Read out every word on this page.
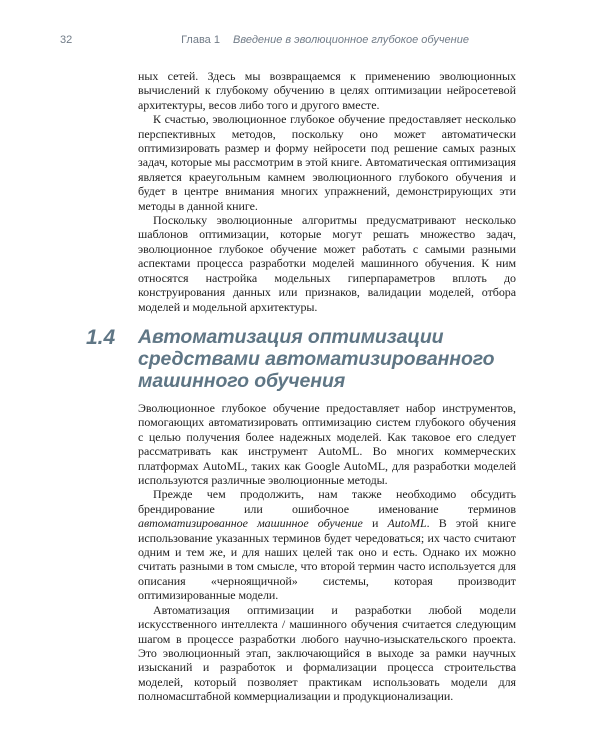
32	Глава 1 Введение в эволюционное глубокое обучение

ных сетей. Здесь мы возвращаемся к применению эволюционных вычислений к глубокому обучению в целях оптимизации нейросетевой архитектуры, весов либо того и другого вместе.

К счастью, эволюционное глубокое обучение предоставляет несколько перспективных методов, поскольку оно может автоматически оптимизировать размер и форму нейросети под решение самых разных задач, которые мы рассмотрим в этой книге. Автоматическая оптимизация является краеугольным камнем эволюционного глубокого обучения и будет в центре внимания многих упражнений, демонстрирующих эти методы в данной книге.

Поскольку эволюционные алгоритмы предусматривают несколько шаблонов оптимизации, которые могут решать множество задач, эволюционное глубокое обучение может работать с самыми разными аспектами процесса разработки моделей машинного обучения. К ним относятся настройка модельных гиперпараметров вплоть до конструирования данных или признаков, валидации моделей, отбора моделей и модельной архитектуры.

1.4 Автоматизация оптимизации средствами автоматизированного машинного обучения

Эволюционное глубокое обучение предоставляет набор инструментов, помогающих автоматизировать оптимизацию систем глубокого обучения с целью получения более надежных моделей. Как таковое его следует рассматривать как инструмент AutoML. Во многих коммерческих платформах AutoML, таких как Google AutoML, для разработки моделей используются различные эволюционные методы.

Прежде чем продолжить, нам также необходимо обсудить брендирование или ошибочное именование терминов автоматизированное машинное обучение и AutoML. В этой книге использование указанных терминов будет чередоваться; их часто считают одним и тем же, и для наших целей так оно и есть. Однако их можно считать разными в том смысле, что второй термин часто используется для описания «черноящичной» системы, которая производит оптимизированные модели.

Автоматизация оптимизации и разработки любой модели искусственного интеллекта / машинного обучения считается следующим шагом в процессе разработки любого научно-изыскательского проекта. Это эволюционный этап, заключающийся в выходе за рамки научных изысканий и разработок и формализации процесса строительства моделей, который позволяет практикам использовать модели для полномасштабной коммерциализации и продукционализации.
